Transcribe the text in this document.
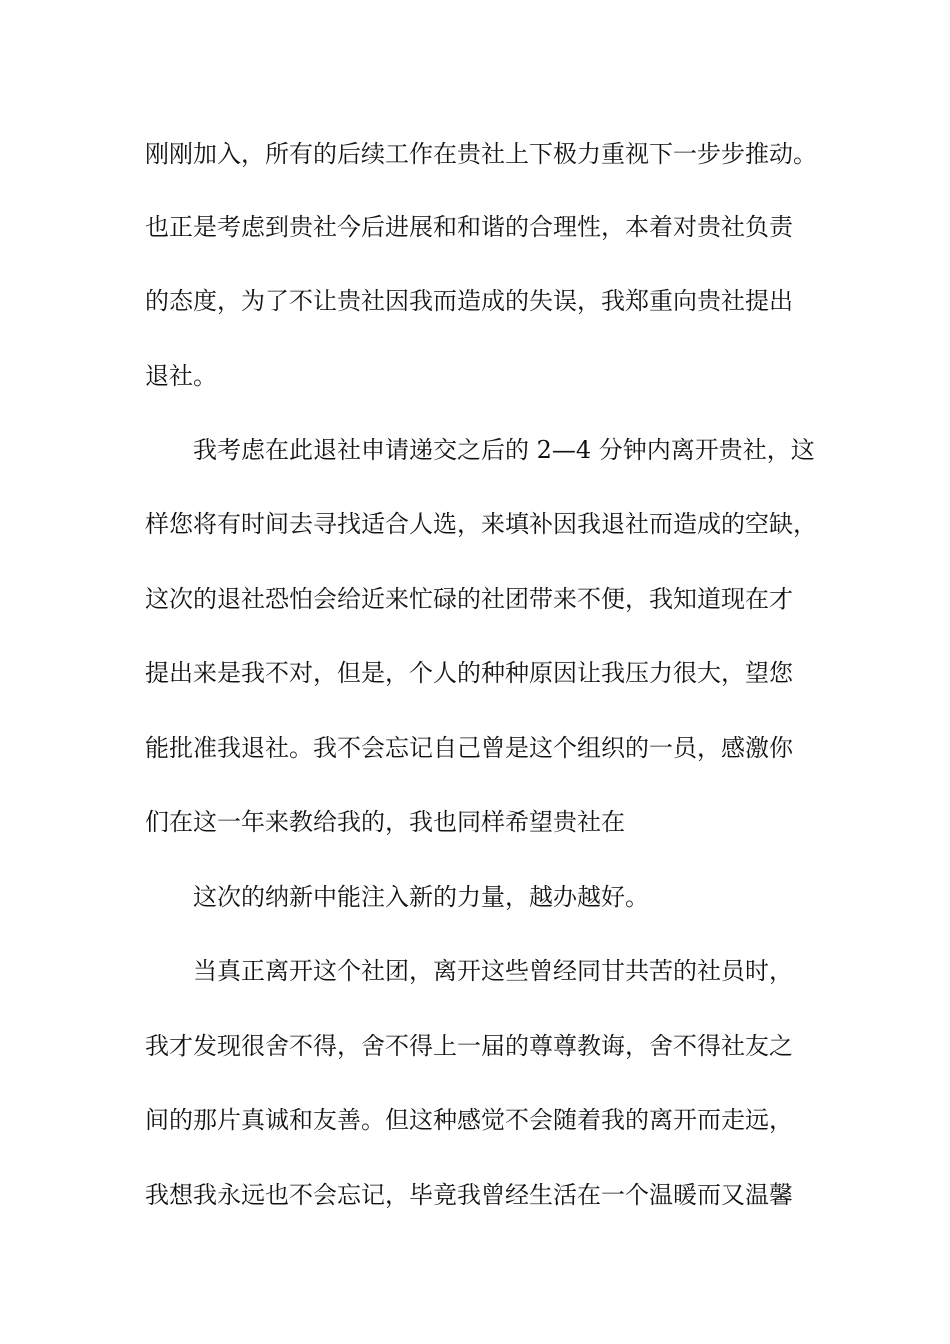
刚刚加入，所有的后续工作在贵社上下极力重视下一步步推动。

也正是考虑到贵社今后进展和和谐的合理性，本着对贵社负责

的态度，为了不让贵社因我而造成的失误，我郑重向贵社提出

退社。

我考虑在此退社申请递交之后的 2—4 分钟内离开贵社，这

样您将有时间去寻找适合人选，来填补因我退社而造成的空缺，

这次的退社恐怕会给近来忙碌的社团带来不便，我知道现在才

提出来是我不对，但是，个人的种种原因让我压力很大，望您

能批准我退社。我不会忘记自己曾是这个组织的一员，感激你

们在这一年来教给我的，我也同样希望贵社在

这次的纳新中能注入新的力量，越办越好。

当真正离开这个社团，离开这些曾经同甘共苦的社员时，

我才发现很舍不得，舍不得上一届的尊尊教诲，舍不得社友之

间的那片真诚和友善。但这种感觉不会随着我的离开而走远，

我想我永远也不会忘记，毕竟我曾经生活在一个温暖而又温馨
